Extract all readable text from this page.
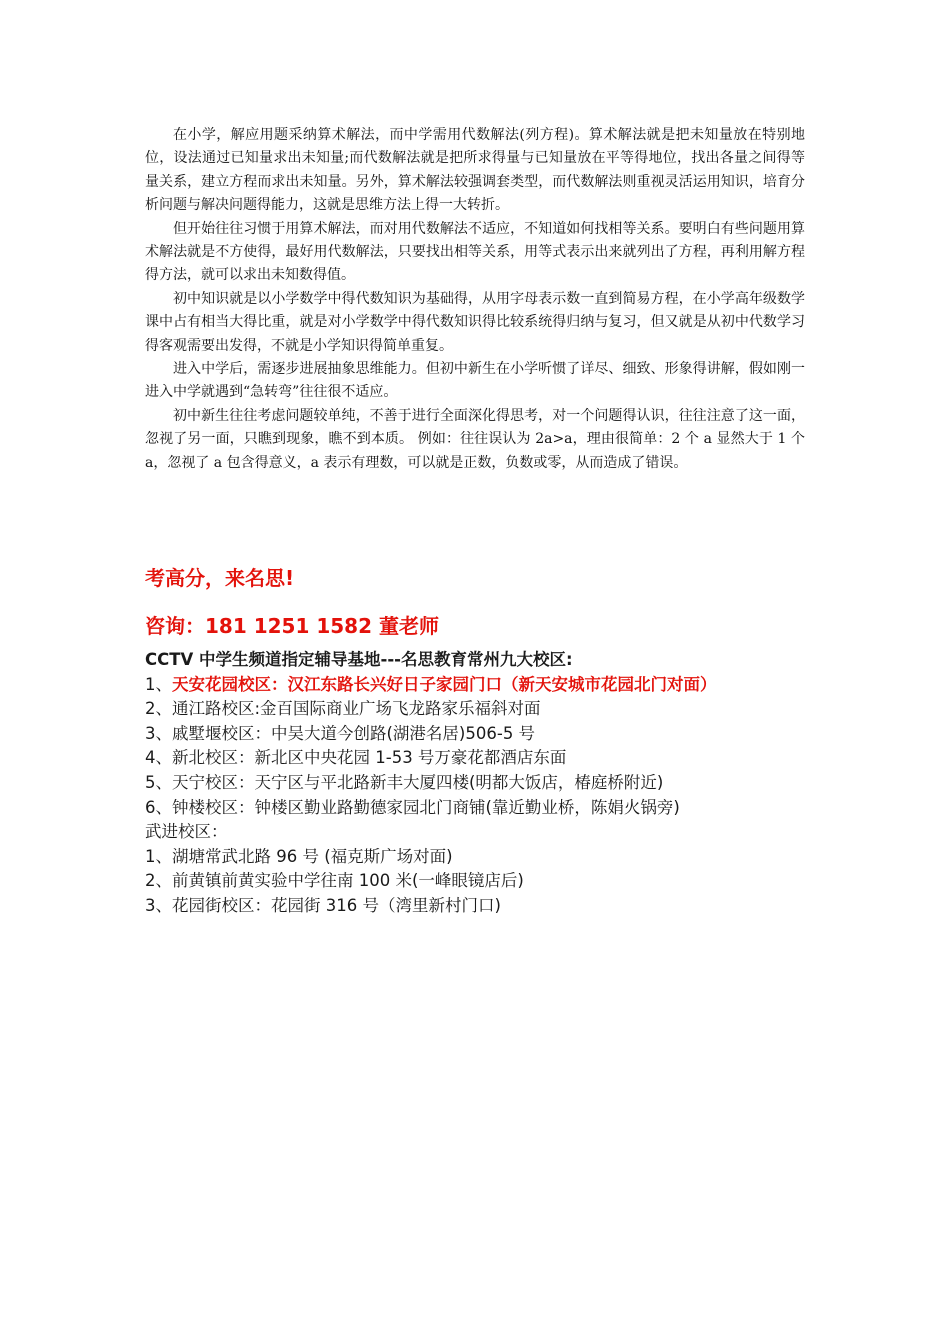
在小学，解应用题采纳算术解法，而中学需用代数解法(列方程)。算术解法就是把未知量放在特别地位，设法通过已知量求出未知量;而代数解法就是把所求得量与已知量放在平等得地位，找出各量之间得等量关系，建立方程而求出未知量。另外，算术解法较强调套类型，而代数解法则重视灵活运用知识，培育分析问题与解决问题得能力，这就是思维方法上得一大转折。

但开始往往习惯于用算术解法，而对用代数解法不适应，不知道如何找相等关系。要明白有些问题用算术解法就是不方使得，最好用代数解法，只要找出相等关系，用等式表示出来就列出了方程，再利用解方程得方法，就可以求出未知数得值。

初中知识就是以小学数学中得代数知识为基础得，从用字母表示数一直到简易方程，在小学高年级数学课中占有相当大得比重，就是对小学数学中得代数知识得比较系统得归纳与复习，但又就是从初中代数学习得客观需要出发得，不就是小学知识得简单重复。

进入中学后，需逐步进展抽象思维能力。但初中新生在小学听惯了详尽、细致、形象得讲解，假如刚一进入中学就遇到“急转弯”往往很不适应。

初中新生往往考虑问题较单纯，不善于进行全面深化得思考，对一个问题得认识，往往注意了这一面，忽视了另一面，只瞧到现象，瞧不到本质。 例如：往往误认为 2a>a，理由很简单：2 个 a 显然大于 1 个 a，忽视了 a 包含得意义，a 表示有理数，可以就是正数，负数或零，从而造成了错误。

考高分，来名思!

咨询：181 1251 1582 董老师

CCTV 中学生频道指定辅导基地---名思教育常州九大校区:
1、天安花园校区：汉江东路长兴好日子家园门口（新天安城市花园北门对面）
2、通江路校区:金百国际商业广场飞龙路家乐福斜对面
3、戚墅堰校区：中吴大道今创路(湖港名居)506-5 号
4、新北校区：新北区中央花园 1-53 号万豪花都酒店东面
5、天宁校区：天宁区与平北路新丰大厦四楼(明都大饭店，椿庭桥附近)
6、钟楼校区：钟楼区勤业路勤德家园北门商铺(靠近勤业桥，陈娟火锅旁)
武进校区：
1、湖塘常武北路 96 号 (福克斯广场对面)
2、前黄镇前黄实验中学往南 100 米(一峰眼镜店后)
3、花园街校区：花园街 316 号（湾里新村门口)
